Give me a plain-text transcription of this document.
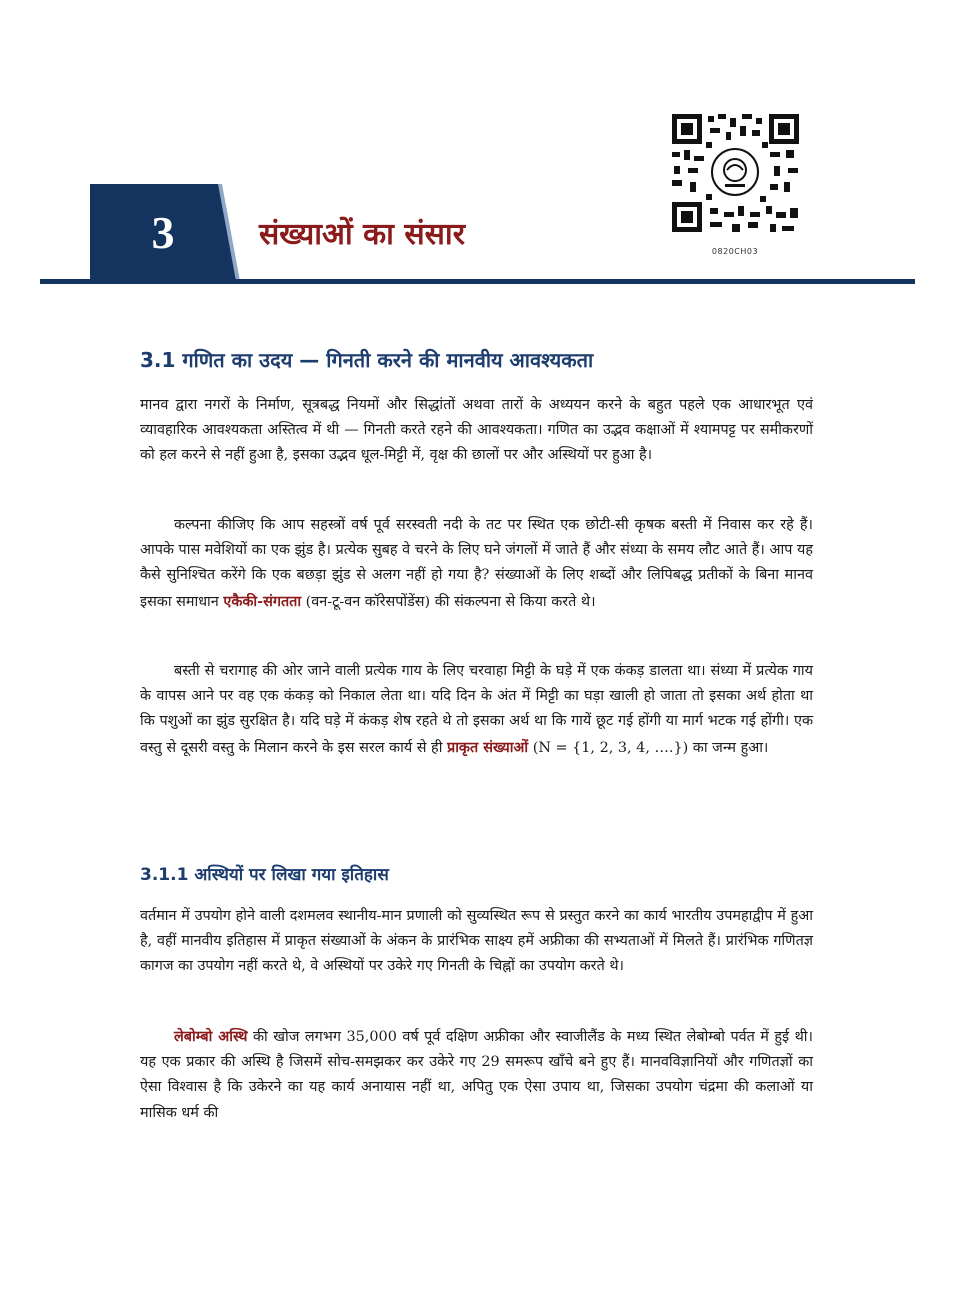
3	संख्याओं का संसार	0820CH03
3.1 गणित का उदय — गिनती करने की मानवीय आवश्यकता

मानव द्वारा नगरों के निर्माण, सूत्रबद्ध नियमों और सिद्धांतों अथवा तारों के अध्ययन करने के बहुत पहले एक आधारभूत एवं व्यावहारिक आवश्यकता अस्तित्व में थी — गिनती करते रहने की आवश्यकता। गणित का उद्भव कक्षाओं में श्यामपट्ट पर समीकरणों को हल करने से नहीं हुआ है, इसका उद्भव धूल-मिट्टी में, वृक्ष की छालों पर और अस्थियों पर हुआ है।

कल्पना कीजिए कि आप सहस्त्रों वर्ष पूर्व सरस्वती नदी के तट पर स्थित एक छोटी-सी कृषक बस्ती में निवास कर रहे हैं। आपके पास मवेशियों का एक झुंड है। प्रत्येक सुबह वे चरने के लिए घने जंगलों में जाते हैं और संध्या के समय लौट आते हैं। आप यह कैसे सुनिश्चित करेंगे कि एक बछड़ा झुंड से अलग नहीं हो गया है? संख्याओं के लिए शब्दों और लिपिबद्ध प्रतीकों के बिना मानव इसका समाधान एकैकी-संगतता (वन-टू-वन कॉरेसपोंडेंस) की संकल्पना से किया करते थे।

बस्ती से चरागाह की ओर जाने वाली प्रत्येक गाय के लिए चरवाहा मिट्टी के घड़े में एक कंकड़ डालता था। संध्या में प्रत्येक गाय के वापस आने पर वह एक कंकड़ को निकाल लेता था। यदि दिन के अंत में मिट्टी का घड़ा खाली हो जाता तो इसका अर्थ होता था कि पशुओं का झुंड सुरक्षित है। यदि घड़े में कंकड़ शेष रहते थे तो इसका अर्थ था कि गायें छूट गई होंगी या मार्ग भटक गई होंगी। एक वस्तु से दूसरी वस्तु के मिलान करने के इस सरल कार्य से ही प्राकृत संख्याओं (N = {1, 2, 3, 4, ….}) का जन्म हुआ।

3.1.1 अस्थियों पर लिखा गया इतिहास

वर्तमान में उपयोग होने वाली दशमलव स्थानीय-मान प्रणाली को सुव्यस्थित रूप से प्रस्तुत करने का कार्य भारतीय उपमहाद्वीप में हुआ है, वहीं मानवीय इतिहास में प्राकृत संख्याओं के अंकन के प्रारंभिक साक्ष्य हमें अफ्रीका की सभ्यताओं में मिलते हैं। प्रारंभिक गणितज्ञ कागज का उपयोग नहीं करते थे, वे अस्थियों पर उकेरे गए गिनती के चिह्नों का उपयोग करते थे।

लेबोम्बो अस्थि की खोज लगभग 35,000 वर्ष पूर्व दक्षिण अफ्रीका और स्वाजीलैंड के मध्य स्थित लेबोम्बो पर्वत में हुई थी। यह एक प्रकार की अस्थि है जिसमें सोच-समझकर कर उकेरे गए 29 समरूप खाँचे बने हुए हैं। मानवविज्ञानियों और गणितज्ञों का ऐसा विश्वास है कि उकेरने का यह कार्य अनायास नहीं था, अपितु एक ऐसा उपाय था, जिसका उपयोग चंद्रमा की कलाओं या मासिक धर्म की
